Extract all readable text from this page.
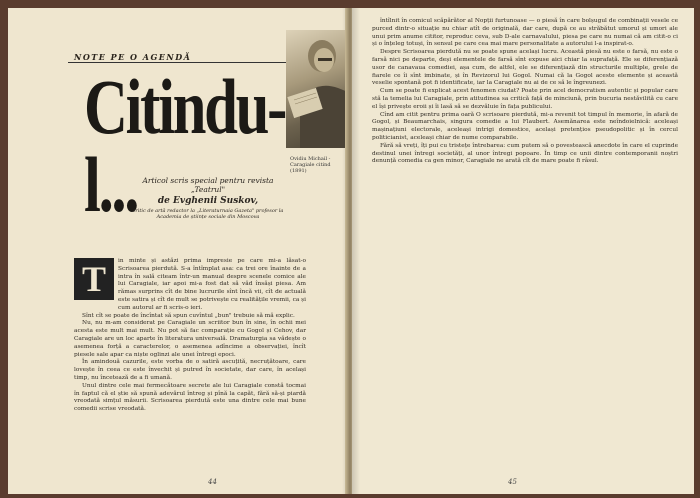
NOTE PE O AGENDĂ
Citindu-l...	Ovidiu Michail - Caragiale citind (1891)
Articol scris special pentru revista „Teatrul"
de Evghenii Suskov,
critic de artă redactor la „Literaturnaia Gazeta" profesor la Academia de științe sociale din Moscova
T	in minte și astăzi prima impresie pe care mi-a lăsat-o Scrisoarea pierdută. S-a întîmplat asa: ca trei ore înainte de a intra în sală citeam într-un manual despre scenele comice ale lui Caragiale, iar apoi mi-a fost dat să văd însăși piesa. Am rămas surprins cît de bine lucrurile sînt încă vii, cît de actuală este satira și cît de mult se potrivește cu realitățile vremii, ca și cum autorul ar fi scris-o ieri.

Sînt cît se poate de încîntat să spun cuvîntul „bun" trebuie să mă explic.

Nu, nu m-am considerat pe Caragiale un scriitor bun în sine, în ochii mei acesta este mult mai mult. Nu pot să fac comparație cu Gogol și Cehov, dar Caragiale are un loc aparte în literatura universală. Dramaturgia sa vădește o asemenea forță a caracterelor, o asemenea adîncime a observației, încît piesele sale apar ca niște oglinzi ale unei întregi epoci.

În amindouă cazurile, este vorba de o satiră ascuțită, necruțătoare, care lovește în ceea ce este învechit și putred în societate, dar care, în același timp, nu încetează de a fi umană.

Unul dintre cele mai fermecătoare secrete ale lui Caragiale constă tocmai în faptul că el știe să spună adevărul întreg și pînă la capăt, fără să-și piardă vreodată simțul măsurii. Scrisoarea pierdută este una dintre cele mai bune comedii scrise vreodată.

44

întîlnit în comicul scăpărător al Nopții furtunoase — o piesă în care bolșugul de combinații vesele ce purced dintr-o situație nu chiar atît de originală, dar care, după ce au străbătut umorul și umori ale unui prim anume cititor, reproduc ceva, sub D-ale carnavalului, piesa pe care nu numai că am citit-o ci și o înțeleg totuși, în sensul pe care cea mai mare personalitate a autorului l-a inspirat-o.

Despre Scrisoarea pierdută nu se poate spune același lucru. Această piesă nu este o farsă, nu este o farsă nici pe departe, deși elementele de farsă sînt expuse aici chiar la suprafață. Ele se diferențiază usor de canavaua comediei, așa cum, de altfel, ele se diferențiază din structurile multiple, grele de fiarele ce îi sînt imbinate, și în Revizorul lui Gogol. Numai că la Gogol aceste elemente și această veselie spontană pot fi identificate, iar la Caragiale nu ai de ce să le îngreunezi.

Cum se poate fi explicat acest fenomen ciudat? Poate prin acel democratism autentic și popular care stă la temelia lui Caragiale, prin atitudinea sa critică față de minciună, prin bucuria nestăvilită cu care el își privește eroii și îi lasă să se dezvăluie în fața publicului.

Cînd am citit pentru prima oară O scrisoare pierdută, mi-a revenit tot timpul în memorie, în afară de Gogol, și Beaumarchais, singura comedie a lui Flaubert. Asemănarea este neîndoielnică: aceleași mașinațiuni electorale, aceleași intrigi domestice, același pretențios pseudopolitic și în cercul politicianist, aceleași chiar de nume comparabile.

Fără să vreți, îți pui cu tristețe întrebarea: cum putem să o povestească anecdote în care el cuprinde destinul unei întregi societăți, al unor întregi popoare. În timp ce unii dintre contemporanii noștri denunță comedia ca gen minor, Caragiale ne arată cît de mare poate fi râsul.

45
